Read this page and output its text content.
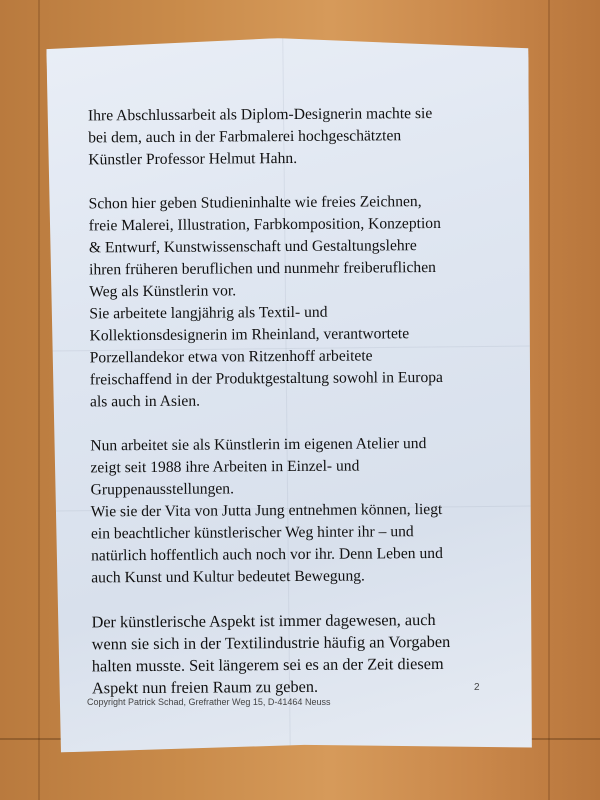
Ihre Abschlussarbeit als Diplom-Designerin machte sie
bei dem, auch in der Farbmalerei hochgeschätzten
Künstler Professor Helmut Hahn.

Schon hier geben Studieninhalte wie freies Zeichnen,
freie Malerei, Illustration, Farbkomposition, Konzeption
& Entwurf, Kunstwissenschaft und Gestaltungslehre
ihren früheren beruflichen und nunmehr freiberuflichen
Weg als Künstlerin vor.
Sie arbeitete langjährig als Textil- und
Kollektionsdesignerin im Rheinland, verantwortete
Porzellandekor etwa von Ritzenhoff arbeitete
freischaffend in der Produktgestaltung sowohl in Europa
als auch in Asien.

Nun arbeitet sie als Künstlerin im eigenen Atelier und
zeigt seit 1988 ihre Arbeiten in Einzel- und
Gruppenausstellungen.
Wie sie der Vita von Jutta Jung entnehmen können, liegt
ein beachtlicher künstlerischer Weg hinter ihr – und
natürlich hoffentlich auch noch vor ihr. Denn Leben und
auch Kunst und Kultur bedeutet Bewegung.

Der künstlerische Aspekt ist immer dagewesen, auch
wenn sie sich in der Textilindustrie häufig an Vorgaben
halten musste. Seit längerem sei es an der Zeit diesem
Aspekt nun freien Raum zu geben.	2
Copyright Patrick Schad, Grefrather Weg 15, D-41464 Neuss
